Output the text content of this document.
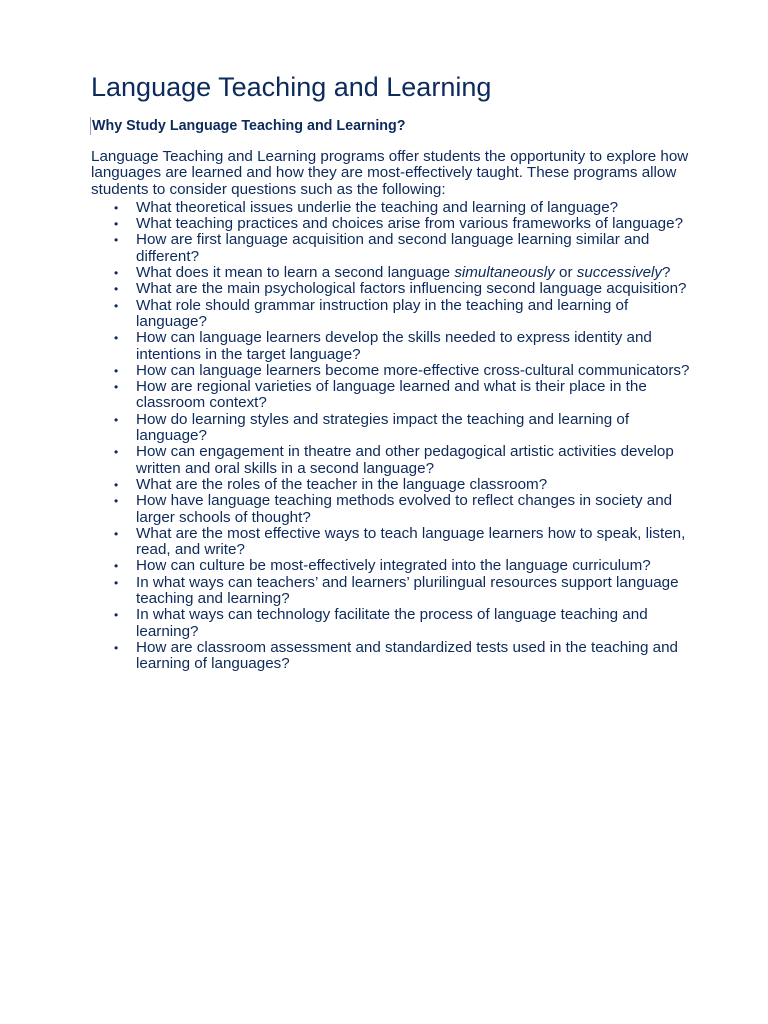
Language Teaching and Learning
Why Study Language Teaching and Learning?

Language Teaching and Learning programs offer students the opportunity to explore how languages are learned and how they are most-effectively taught. These programs allow students to consider questions such as the following:

• What theoretical issues underlie the teaching and learning of language?
• What teaching practices and choices arise from various frameworks of language?
• How are first language acquisition and second language learning similar and different?
• What does it mean to learn a second language simultaneously or successively?
• What are the main psychological factors influencing second language acquisition?
• What role should grammar instruction play in the teaching and learning of language?
• How can language learners develop the skills needed to express identity and intentions in the target language?
• How can language learners become more-effective cross-cultural communicators?
• How are regional varieties of language learned and what is their place in the classroom context?
• How do learning styles and strategies impact the teaching and learning of language?
• How can engagement in theatre and other pedagogical artistic activities develop written and oral skills in a second language?
• What are the roles of the teacher in the language classroom?
• How have language teaching methods evolved to reflect changes in society and larger schools of thought?
• What are the most effective ways to teach language learners how to speak, listen, read, and write?
• How can culture be most-effectively integrated into the language curriculum?
• In what ways can teachers’ and learners’ plurilingual resources support language teaching and learning?
• In what ways can technology facilitate the process of language teaching and learning?
• How are classroom assessment and standardized tests used in the teaching and learning of languages?
